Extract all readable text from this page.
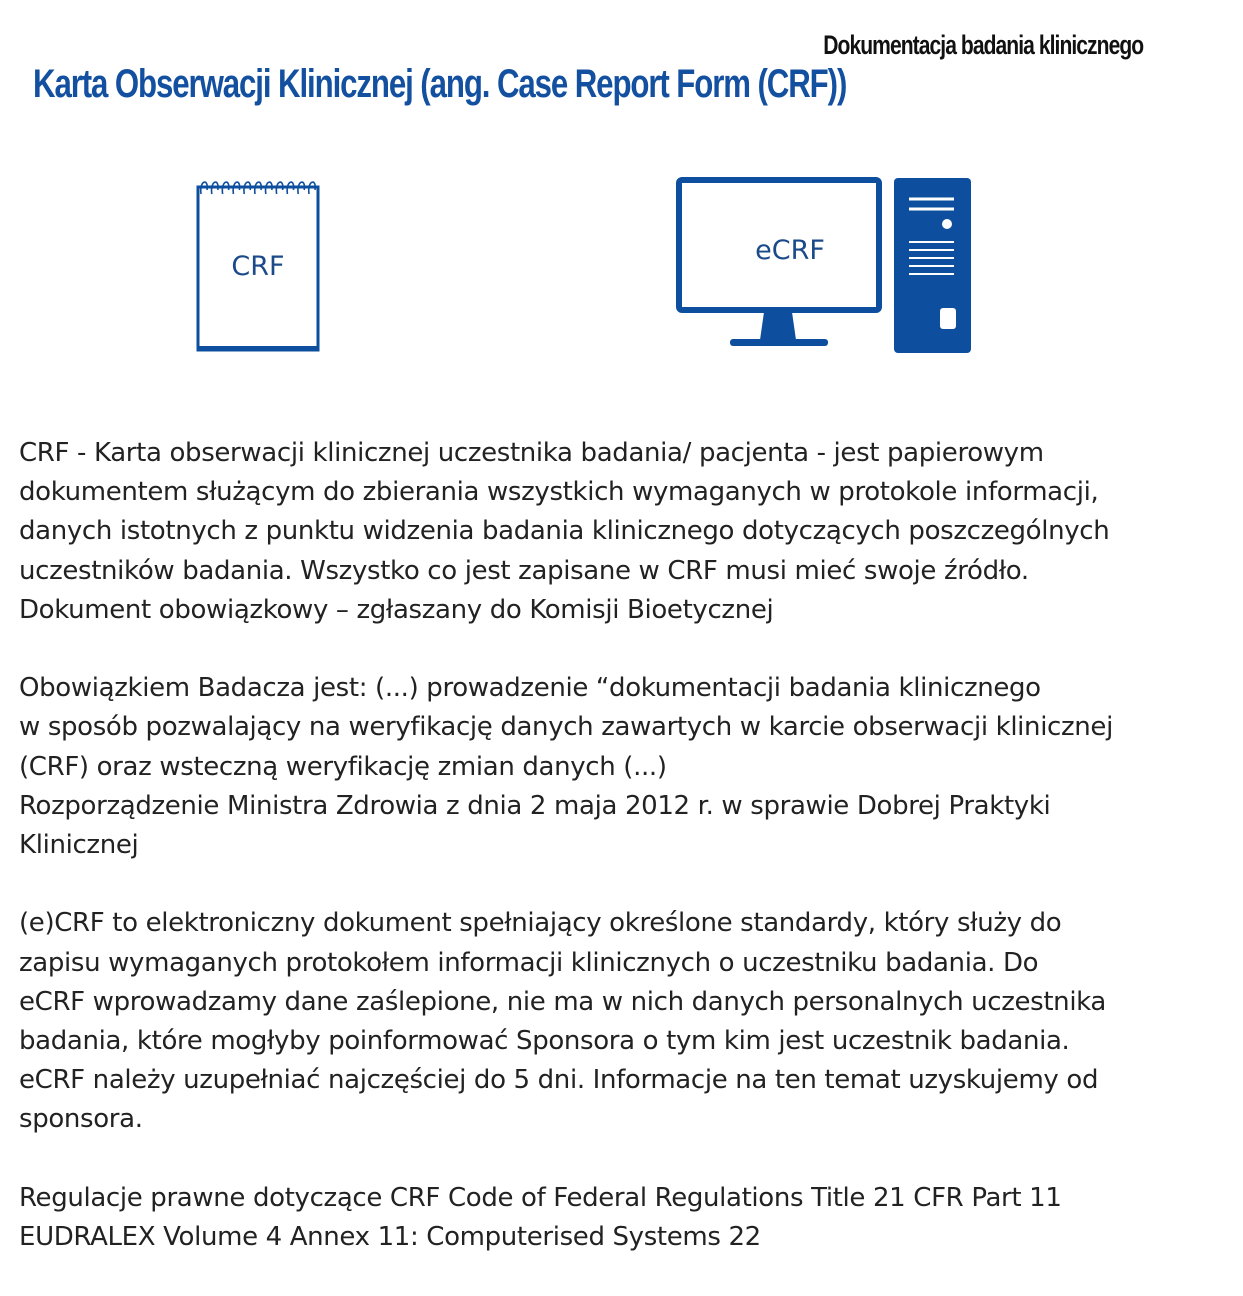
Dokumentacja badania klinicznego
Karta Obserwacji Klinicznej (ang. Case Report Form (CRF))
CRF
eCRF

CRF - Karta obserwacji klinicznej uczestnika badania/ pacjenta - jest papierowym
dokumentem służącym do zbierania wszystkich wymaganych w protokole informacji,
danych istotnych z punktu widzenia badania klinicznego dotyczących poszczególnych
uczestników badania. Wszystko co jest zapisane w CRF musi mieć swoje źródło.
Dokument obowiązkowy – zgłaszany do Komisji Bioetycznej

Obowiązkiem Badacza jest: (...) prowadzenie “dokumentacji badania klinicznego
w sposób pozwalający na weryfikację danych zawartych w karcie obserwacji klinicznej
(CRF) oraz wsteczną weryfikację zmian danych (...)
Rozporządzenie Ministra Zdrowia z dnia 2 maja 2012 r. w sprawie Dobrej Praktyki
Klinicznej

(e)CRF to elektroniczny dokument spełniający określone standardy, który służy do
zapisu wymaganych protokołem informacji klinicznych o uczestniku badania. Do
eCRF wprowadzamy dane zaślepione, nie ma w nich danych personalnych uczestnika
badania, które mogłyby poinformować Sponsora o tym kim jest uczestnik badania.
eCRF należy uzupełniać najczęściej do 5 dni. Informacje na ten temat uzyskujemy od
sponsora.

Regulacje prawne dotyczące CRF Code of Federal Regulations Title 21 CFR Part 11
EUDRALEX Volume 4 Annex 11: Computerised Systems 22
